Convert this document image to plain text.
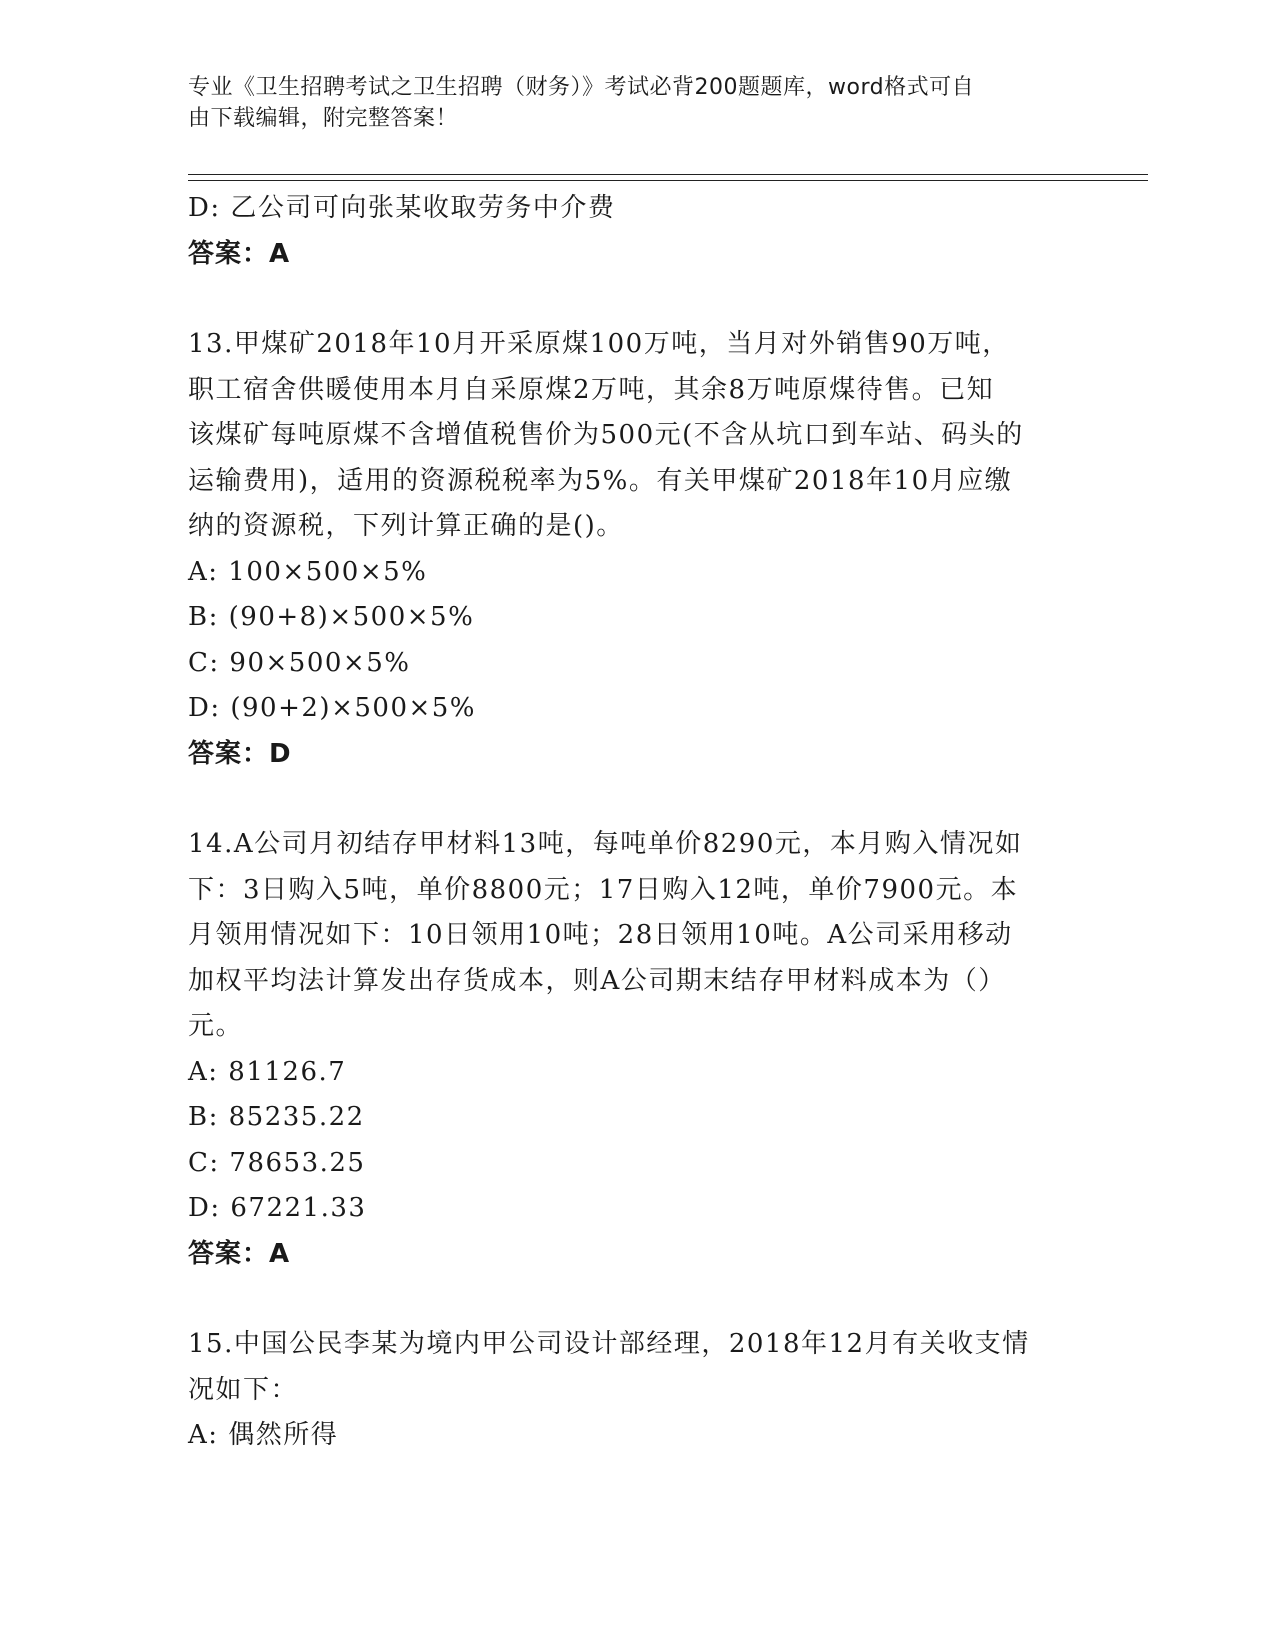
专业《卫生招聘考试之卫生招聘（财务）》考试必背200题题库，word格式可自
由下载编辑，附完整答案！

D: 乙公司可向张某收取劳务中介费

答案：A

13.甲煤矿2018年10月开采原煤100万吨，当月对外销售90万吨，

职工宿舍供暖使用本月自采原煤2万吨，其余8万吨原煤待售。已知

该煤矿每吨原煤不含增值税售价为500元(不含从坑口到车站、码头的

运输费用)，适用的资源税税率为5%。有关甲煤矿2018年10月应缴

纳的资源税，下列计算正确的是()。

A: 100×500×5%

B: (90+8)×500×5%

C: 90×500×5%

D: (90+2)×500×5%

答案：D

14.A公司月初结存甲材料13吨，每吨单价8290元，本月购入情况如

下：3日购入5吨，单价8800元；17日购入12吨，单价7900元。本

月领用情况如下：10日领用10吨；28日领用10吨。A公司采用移动

加权平均法计算发出存货成本，则A公司期末结存甲材料成本为（）

元。

A: 81126.7

B: 85235.22

C: 78653.25

D: 67221.33

答案：A

15.中国公民李某为境内甲公司设计部经理，2018年12月有关收支情

况如下：

A: 偶然所得
